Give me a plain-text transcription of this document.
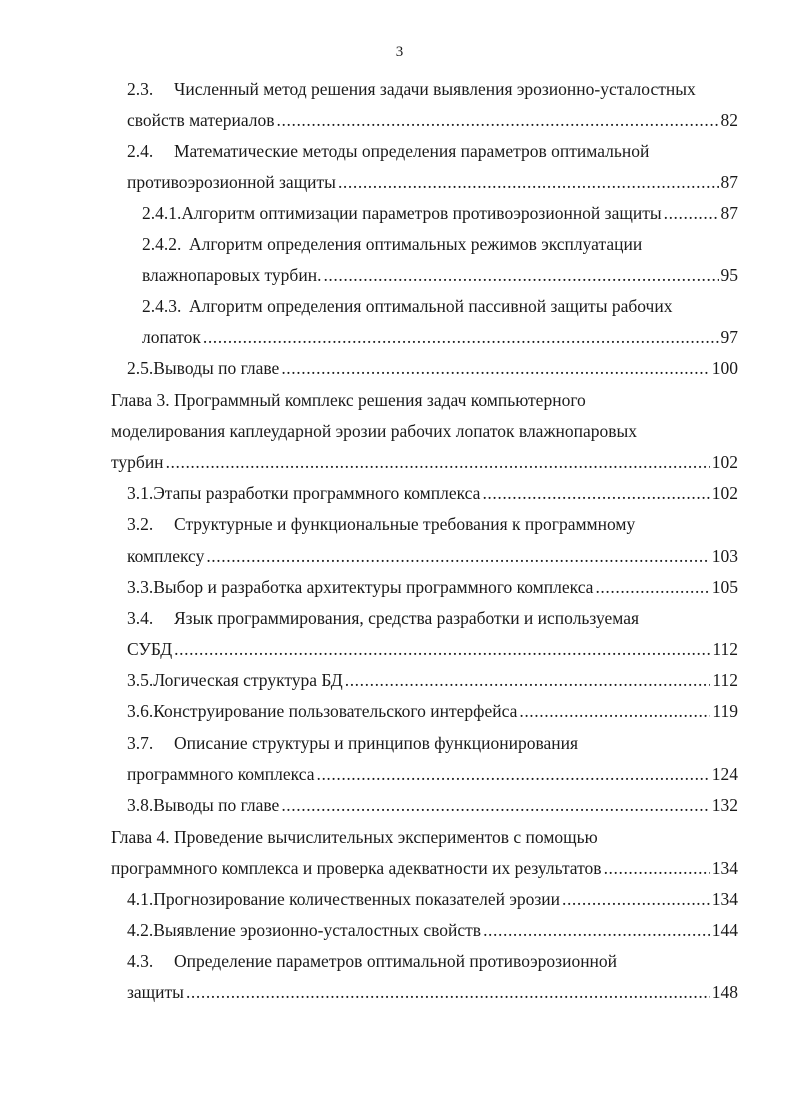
3
2.3.	Численный метод решения задачи выявления эрозионно-усталостных
свойств материалов .....	82
2.4.	Математические методы определения параметров оптимальной
противоэрозионной защиты .....	87
2.4.1. Алгоритм оптимизации параметров противоэрозионной защиты .....	87
2.4.2. Алгоритм определения оптимальных режимов эксплуатации
влажнопаровых турбин. .....	95
2.4.3. Алгоритм определения оптимальной пассивной защиты рабочих
лопаток .....	97
2.5. Выводы по главе .....	100
Глава 3. Программный комплекс решения задач компьютерного
моделирования каплеударной эрозии рабочих лопаток влажнопаровых
турбин .....	102
3.1. Этапы разработки программного комплекса .....	102
3.2.	Структурные и функциональные требования к программному
комплексу .....	103
3.3. Выбор и разработка архитектуры программного комплекса .....	105
3.4.	Язык программирования, средства разработки и используемая
СУБД .....	112
3.5. Логическая структура БД .....	112
3.6. Конструирование пользовательского интерфейса .....	119
3.7.	Описание структуры и принципов функционирования
программного комплекса .....	124
3.8. Выводы по главе .....	132
Глава 4. Проведение вычислительных экспериментов с помощью
программного комплекса и проверка адекватности их результатов .....	134
4.1. Прогнозирование количественных показателей эрозии .....	134
4.2. Выявление эрозионно-усталостных свойств .....	144
4.3.	Определение параметров оптимальной противоэрозионной
защиты .....	148
